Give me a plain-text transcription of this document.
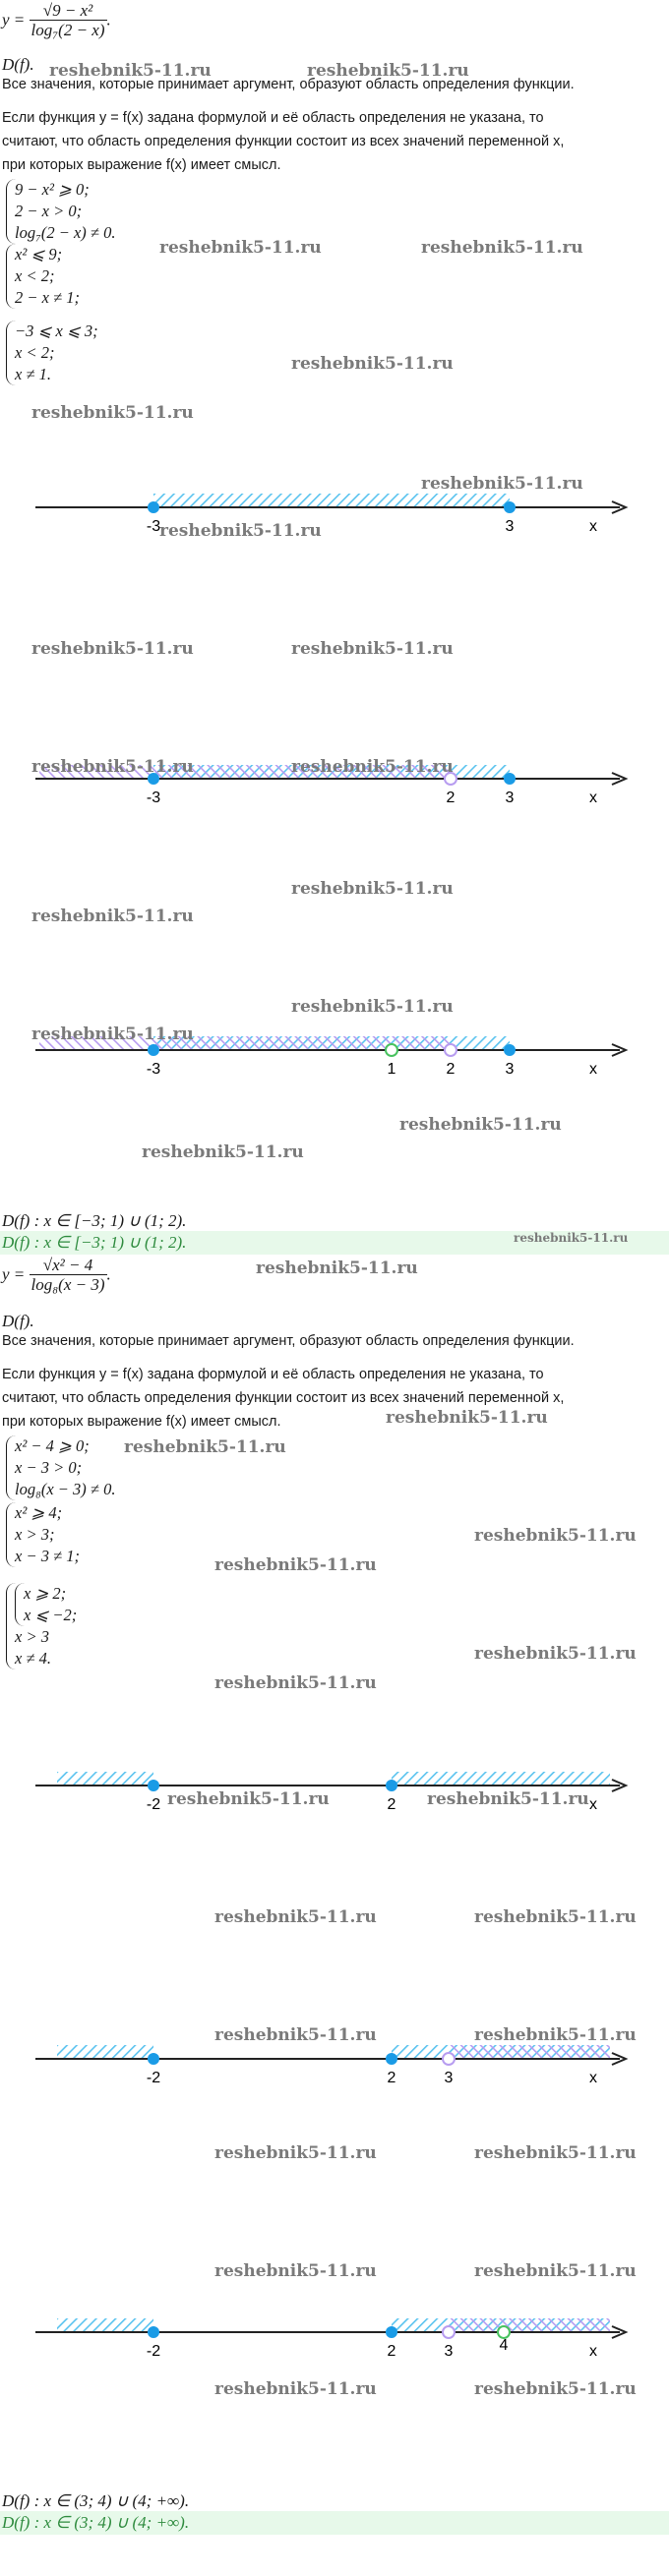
$y = \frac{\text{√9 − x²}}{\text{log₇(2 − x)}}$ .
D(f).
Все значения, которые принимает аргумент, образуют область определения функции.
Если функция y = f(x) задана формулой и её область определения не указана, то
считают, что область определения функции состоит из всех значений переменной x,
при которых выражение f(x) имеет смысл.
9 − x² ⩾ 0;
2 − x > 0;
log₇(2 − x) ≠ 0.
x² ⩽ 9;
x < 2;
2 − x ≠ 1;
−3 ⩽ x ⩽ 3;
x < 2;
x ≠ 1.
-3	3	x
-3	2	3	x
-3	1	2	3	x
D(f) : x ∈ [−3; 1) ∪ (1; 2).
D(f) : x ∈ [−3; 1) ∪ (1; 2).
$y = \frac{\text{√x² − 4}}{\text{log₈(x − 3)}}$ .
D(f).
Все значения, которые принимает аргумент, образуют область определения функции.
Если функция y = f(x) задана формулой и её область определения не указана, то
считают, что область определения функции состоит из всех значений переменной x,
при которых выражение f(x) имеет смысл.
x² − 4 ⩾ 0;
x − 3 > 0;
log₈(x − 3) ≠ 0.
x² ⩾ 4;
x > 3;
x − 3 ≠ 1;
x ⩾ 2;
x ⩽ −2;
x > 3
x ≠ 4.
-2	2	x
-2	2	3	x
-2	2	3	4	x
D(f) : x ∈ (3; 4) ∪ (4; +∞).
D(f) : x ∈ (3; 4) ∪ (4; +∞).
reshebnik5-11.ru	reshebnik5-11.ru
reshebnik5-11.ru	reshebnik5-11.ru
reshebnik5-11.ru
reshebnik5-11.ru
reshebnik5-11.ru
reshebnik5-11.ru
reshebnik5-11.ru	reshebnik5-11.ru
reshebnik5-11.ru	reshebnik5-11.ru
reshebnik5-11.ru
reshebnik5-11.ru
reshebnik5-11.ru
reshebnik5-11.ru
reshebnik5-11.ru
reshebnik5-11.ru
reshebnik5-11.ru
reshebnik5-11.ru
reshebnik5-11.ru
reshebnik5-11.ru
reshebnik5-11.ru
reshebnik5-11.ru
reshebnik5-11.ru
reshebnik5-11.ru
reshebnik5-11.ru	reshebnik5-11.ru
reshebnik5-11.ru	reshebnik5-11.ru
reshebnik5-11.ru	reshebnik5-11.ru
reshebnik5-11.ru	reshebnik5-11.ru
reshebnik5-11.ru	reshebnik5-11.ru
reshebnik5-11.ru	reshebnik5-11.ru
